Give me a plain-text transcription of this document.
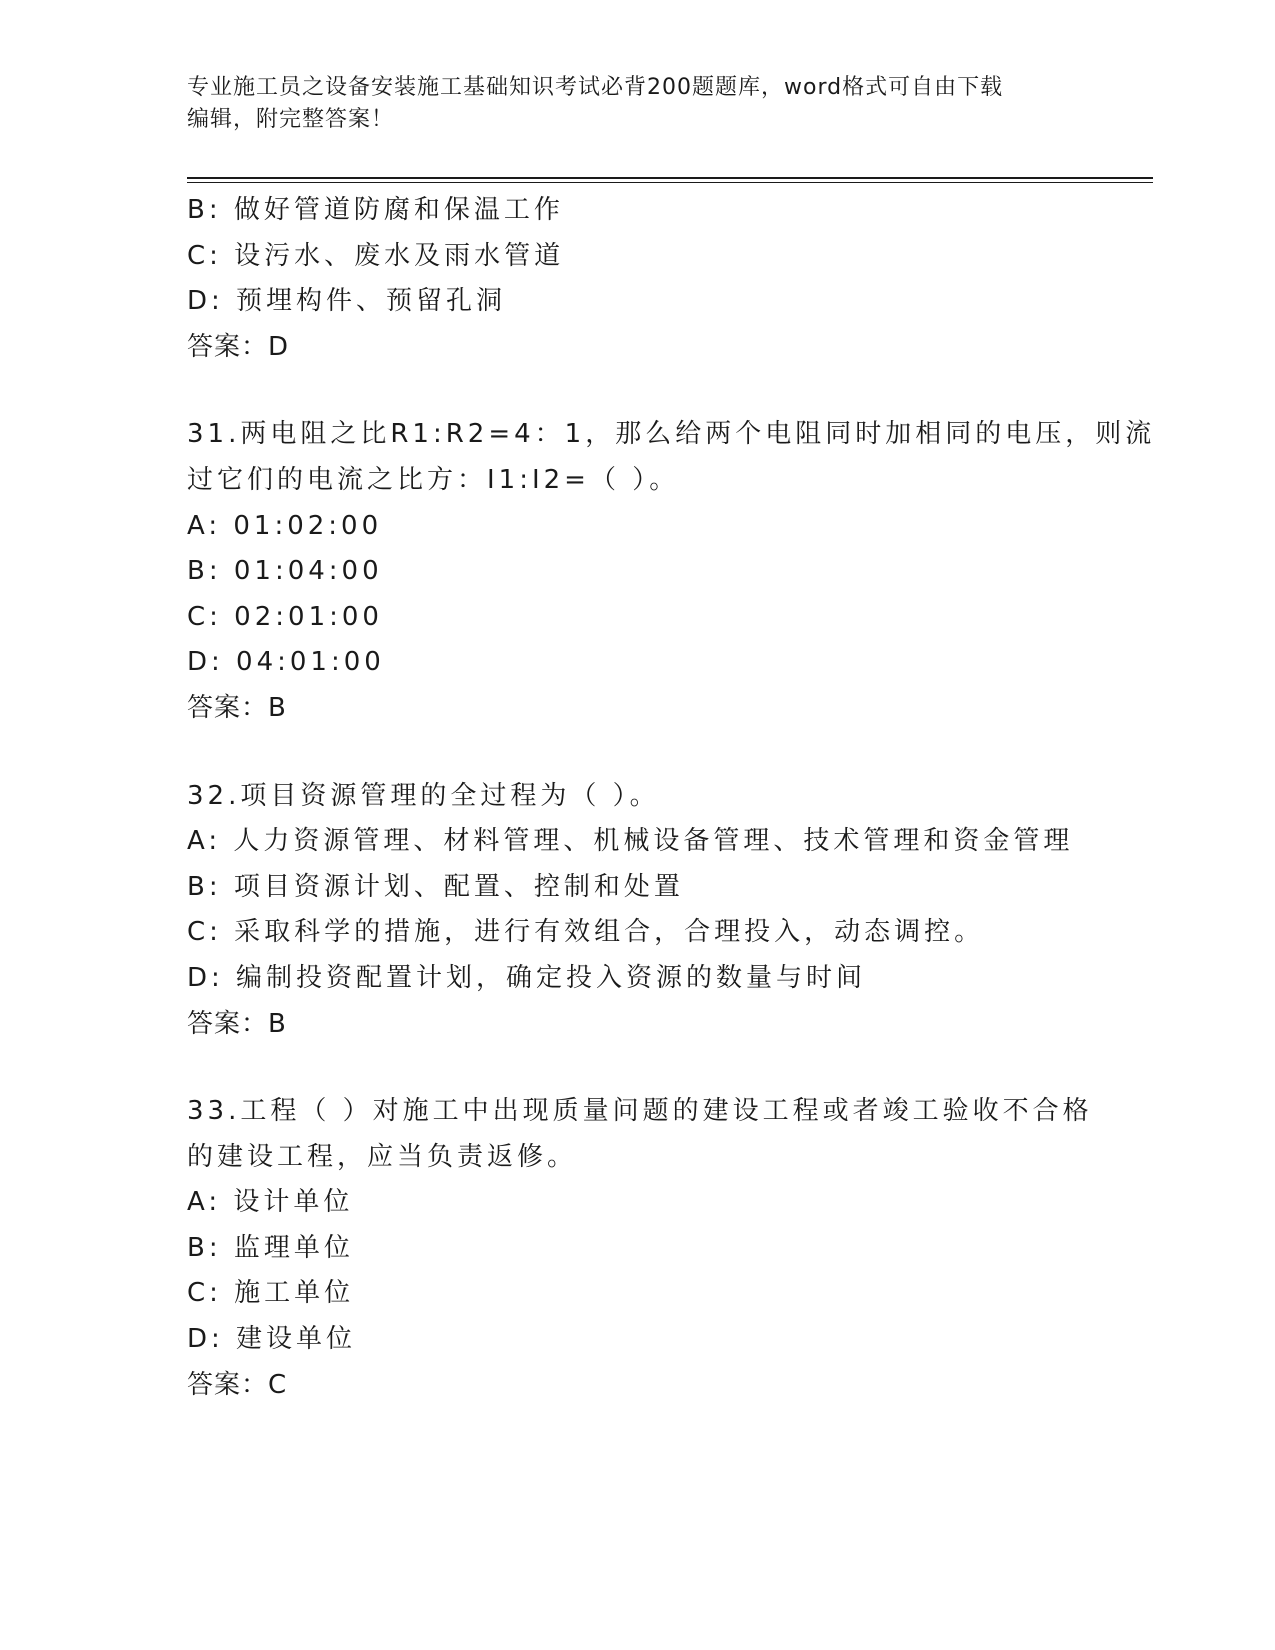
专业施工员之设备安装施工基础知识考试必背200题题库，word格式可自由下载
编辑，附完整答案！
B: 做好管道防腐和保温工作
C: 设污水、废水及雨水管道
D: 预埋构件、预留孔洞
答案：D
31.两电阻之比R1:R2=4：1，那么给两个电阻同时加相同的电压，则流
过它们的电流之比方：I1:I2=（ ）。
A: 01:02:00
B: 01:04:00
C: 02:01:00
D: 04:01:00
答案：B
32.项目资源管理的全过程为（ ）。
A: 人力资源管理、材料管理、机械设备管理、技术管理和资金管理
B: 项目资源计划、配置、控制和处置
C: 采取科学的措施，进行有效组合，合理投入，动态调控。
D: 编制投资配置计划，确定投入资源的数量与时间
答案：B
33.工程（ ）对施工中出现质量问题的建设工程或者竣工验收不合格
的建设工程，应当负责返修。
A: 设计单位
B: 监理单位
C: 施工单位
D: 建设单位
答案：C
